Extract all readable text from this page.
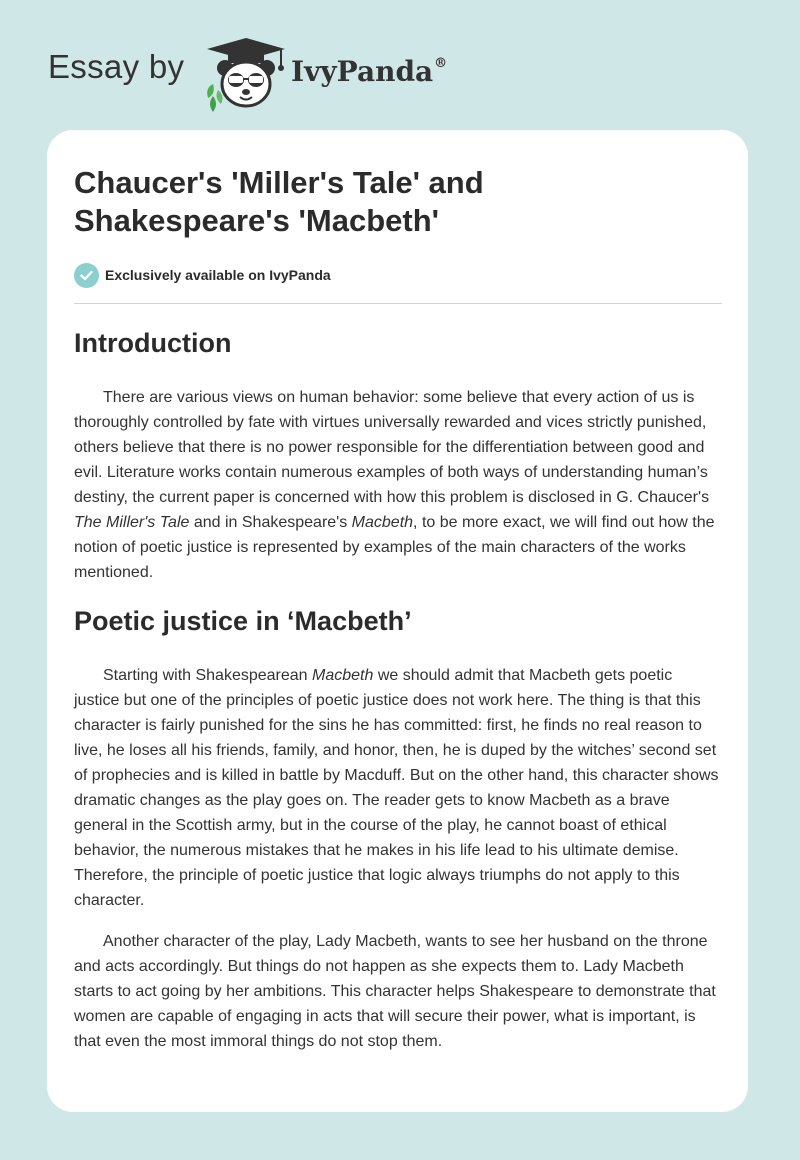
Essay by	IvyPanda®
Chaucer's 'Miller's Tale' and
Shakespeare's 'Macbeth'
Exclusively available on IvyPanda
Introduction

There are various views on human behavior: some believe that every action of us is thoroughly controlled by fate with virtues universally rewarded and vices strictly punished, others believe that there is no power responsible for the differentiation between good and evil. Literature works contain numerous examples of both ways of understanding human’s destiny, the current paper is concerned with how this problem is disclosed in G. Chaucer's The Miller's Tale and in Shakespeare's Macbeth, to be more exact, we will find out how the notion of poetic justice is represented by examples of the main characters of the works mentioned.

Poetic justice in ‘Macbeth’

Starting with Shakespearean Macbeth we should admit that Macbeth gets poetic justice but one of the principles of poetic justice does not work here. The thing is that this character is fairly punished for the sins he has committed: first, he finds no real reason to live, he loses all his friends, family, and honor, then, he is duped by the witches’ second set of prophecies and is killed in battle by Macduff. But on the other hand, this character shows dramatic changes as the play goes on. The reader gets to know Macbeth as a brave general in the Scottish army, but in the course of the play, he cannot boast of ethical behavior, the numerous mistakes that he makes in his life lead to his ultimate demise. Therefore, the principle of poetic justice that logic always triumphs do not apply to this character.

Another character of the play, Lady Macbeth, wants to see her husband on the throne and acts accordingly. But things do not happen as she expects them to. Lady Macbeth starts to act going by her ambitions. This character helps Shakespeare to demonstrate that women are capable of engaging in acts that will secure their power, what is important, is that even the most immoral things do not stop them.
